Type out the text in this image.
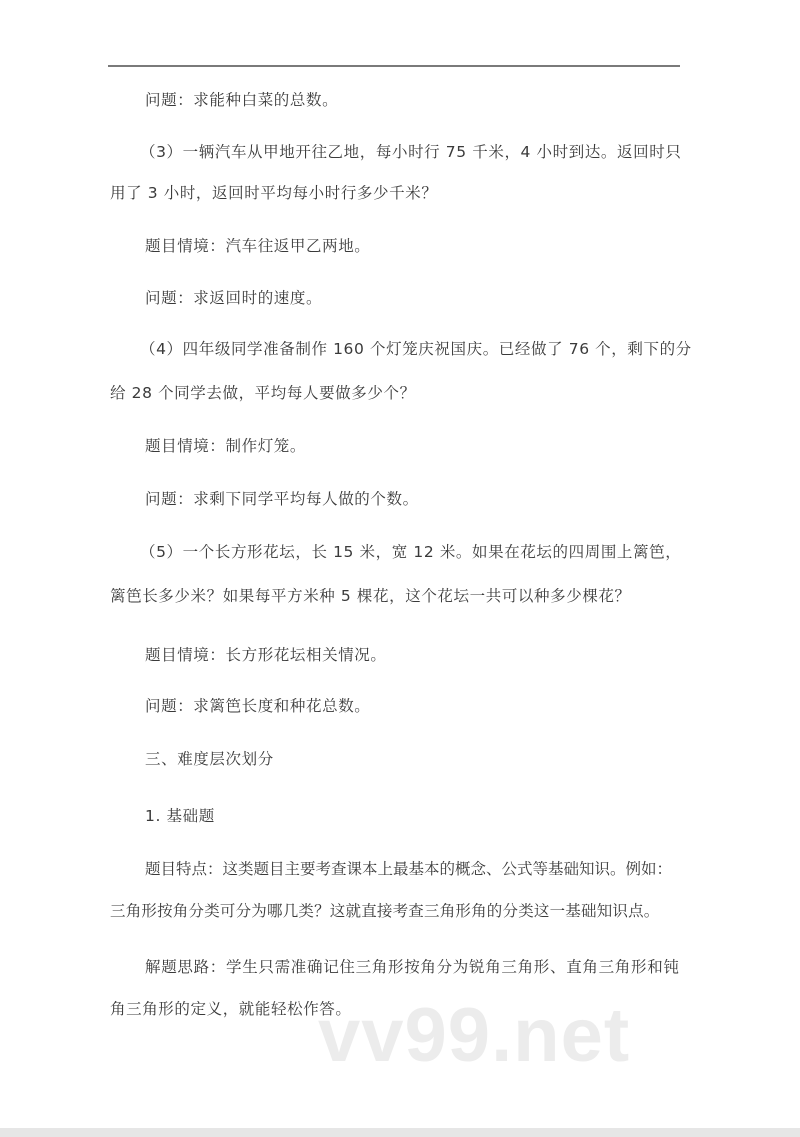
问题：求能种白菜的总数。
（3）一辆汽车从甲地开往乙地，每小时行 75 千米，4 小时到达。返回时只
用了 3 小时，返回时平均每小时行多少千米？
题目情境：汽车往返甲乙两地。
问题：求返回时的速度。
（4）四年级同学准备制作 160 个灯笼庆祝国庆。已经做了 76 个，剩下的分
给 28 个同学去做，平均每人要做多少个？
题目情境：制作灯笼。
问题：求剩下同学平均每人做的个数。
（5）一个长方形花坛，长 15 米，宽 12 米。如果在花坛的四周围上篱笆，
篱笆长多少米？如果每平方米种 5 棵花，这个花坛一共可以种多少棵花？
题目情境：长方形花坛相关情况。
问题：求篱笆长度和种花总数。
三、难度层次划分
1. 基础题
题目特点：这类题目主要考查课本上最基本的概念、公式等基础知识。例如：
三角形按角分类可分为哪几类？这就直接考查三角形角的分类这一基础知识点。
解题思路：学生只需准确记住三角形按角分为锐角三角形、直角三角形和钝
角三角形的定义，就能轻松作答。
vv99.net
